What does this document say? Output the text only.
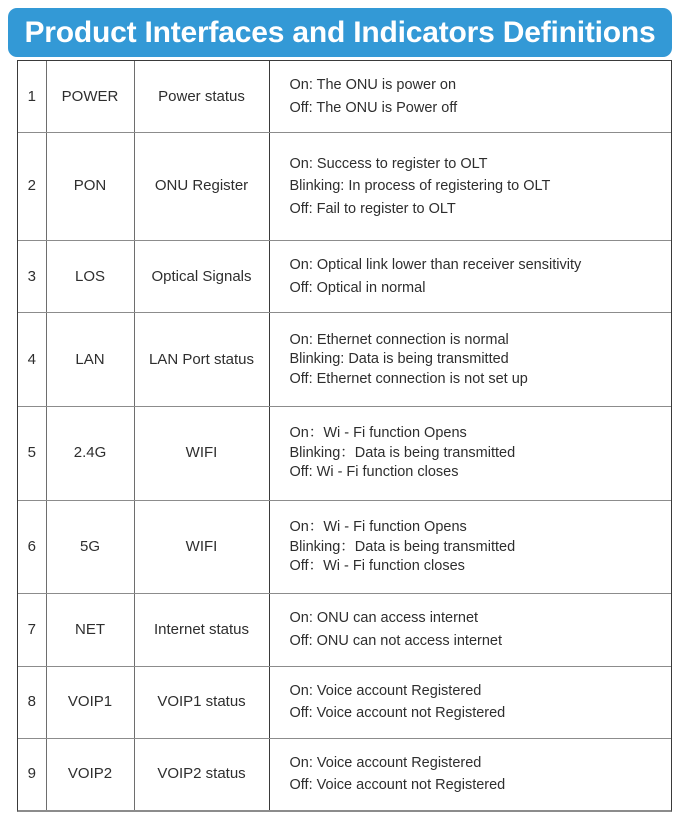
Product Interfaces and Indicators Definitions
1	POWER	Power status	
On: The ONU is power on
Off: The ONU is Power off

2	PON	ONU Register	
On: Success to register to OLT
Blinking: In process of registering to OLT
Off: Fail to register to OLT

3	LOS	Optical Signals	
On: Optical link lower than receiver sensitivity
Off: Optical in normal

4	LAN	LAN Port status	
On: Ethernet connection is normal
Blinking: Data is being transmitted
Off: Ethernet connection is not set up

5	2.4G	WIFI	
On：Wi - Fi function Opens
Blinking：Data is being transmitted
Off: Wi - Fi function closes

6	5G	WIFI	
On：Wi - Fi function Opens
Blinking：Data is being transmitted
Off：Wi - Fi function closes

7	NET	Internet status	
On: ONU can access internet
Off: ONU can not access internet

8	VOIP1	VOIP1 status	
On: Voice account Registered
Off: Voice account not Registered

9	VOIP2	VOIP2 status	
On: Voice account Registered
Off: Voice account not Registered
